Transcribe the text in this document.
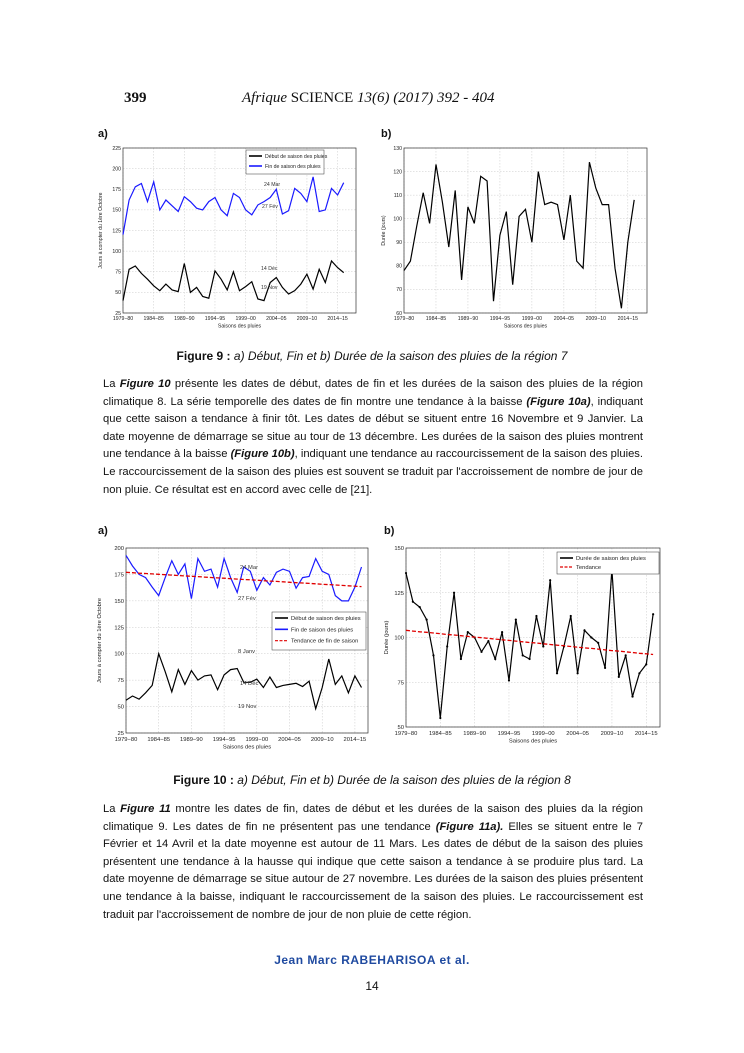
399	Afrique SCIENCE 13(6) (2017) 392 - 404
a)	b)
25
50
75
100
125
150
175
200
225
1979−80 1984−85 1989−90 1994−95 1999−00 2004−05 2009−10 2014−15
Saisons des pluies
Jours à compter du 1ère Octobre
Début de saison des pluies
Fin de saison des pluies
24 Mar
27 Fév
14 Déc
19 Nov
60
70
80
90
100
110
120
130
1979−80 1984−85 1989−90 1994−95 1999−00 2004−05 2009−10 2014−15
Saisons des pluies
Durée (jours)
Figure 9 : a) Début, Fin et b) Durée de la saison des pluies de la région 7
La Figure 10 présente les dates de début, dates de fin et les durées de la saison des pluies de la région climatique 8. La série temporelle des dates de fin montre une tendance à la baisse (Figure 10a), indiquant que cette saison a tendance à finir tôt. Les dates de début se situent entre 16 Novembre et 9 Janvier. La date moyenne de démarrage se situe au tour de 13 décembre. Les durées de la saison des pluies montrent une tendance à la baisse (Figure 10b), indiquant une tendance au raccourcissement de la saison des pluies. Le raccourcissement de la saison des pluies est souvent se traduit par l'accroissement de nombre de jour de non pluie. Ce résultat est en accord avec celle de [21].
a)	b)
25
50
75
100
125
150
175
200
1979−80 1984−85 1989−90 1994−95 1999−00 2004−05 2009−10 2014−15
Saisons des pluies
Jours à compter du 1ère Octobre	Début de saison des pluies
Fin de saison des pluies
Tendance de fin de saison
24 Mar
27 Fév
8 Janv
14 Déc
19 Nov
50
75
100
125
150
1979−80 1984−85 1989−90 1994−95 1999−00 2004−05 2009−10 2014−15
Saisons des pluies
Durée (jours)
Durée de saison des pluies
Tendance
Figure 10 : a) Début, Fin et b) Durée de la saison des pluies de la région 8
La Figure 11 montre les dates de fin, dates de début et les durées de la saison des pluies da la région climatique 9. Les dates de fin ne présentent pas une tendance (Figure 11a). Elles se situent entre le 7 Février et 14 Avril et la date moyenne est autour de 11 Mars. Les dates de début de la saison des pluies présentent une tendance à la hausse qui indique que cette saison a tendance à se produire plus tard. La date moyenne de démarrage se situe autour de 27 novembre. Les durées de la saison des pluies présentent une tendance à la baisse, indiquant le raccourcissement de la saison des pluies. Le raccourcissement est traduit par l'accroissement de nombre de jour de non pluie de cette région.
Jean Marc RABEHARISOA et al.
14
